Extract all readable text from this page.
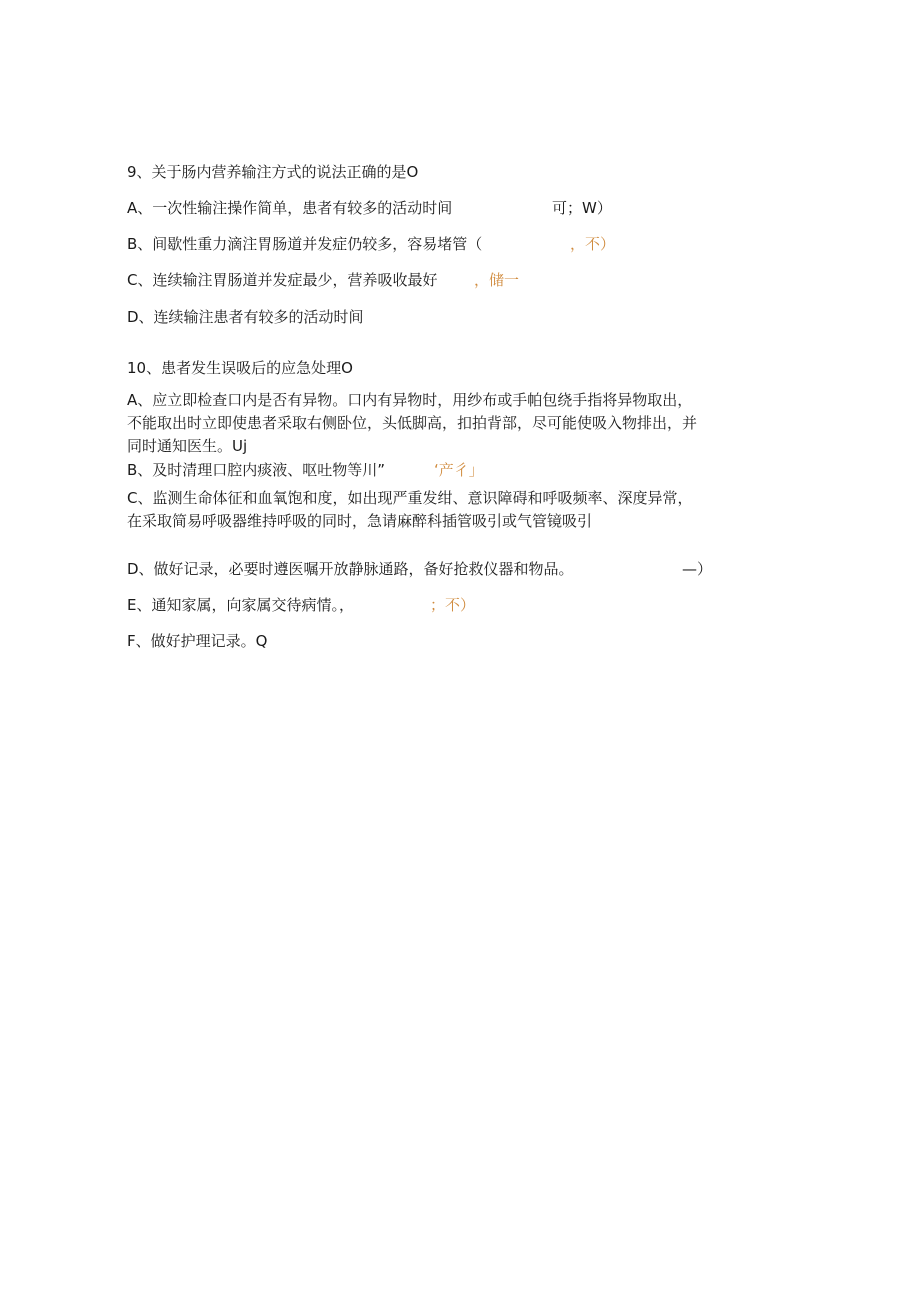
9、关于肠内营养输注方式的说法正确的是O
A、一次性输注操作简单，患者有较多的活动时间	可；W）
B、间歇性重力滴注胃肠道并发症仍较多，容易堵管（	，不）
C、连续输注胃肠道并发症最少，营养吸收最好 ，储一
D、连续输注患者有较多的活动时间
10、患者发生误吸后的应急处理O
A、应立即检查口内是否有异物。口内有异物时，用纱布或手帕包绕手指将异物取出，
不能取出时立即使患者采取右侧卧位，头低脚高，扣拍背部，尽可能使吸入物排出，并
同时通知医生。Uj
B、及时清理口腔内痰液、呕吐物等川”	‘产彳」
C、监测生命体征和血氧饱和度，如出现严重发绀、意识障碍和呼吸频率、深度异常，
在采取简易呼吸器维持呼吸的同时，急请麻醉科插管吸引或气管镜吸引
D、做好记录，必要时遵医嘱开放静脉通路，备好抢救仪器和物品。	—）
E、通知家属，向家属交待病情。，	；不）
F、做好护理记录。Q
